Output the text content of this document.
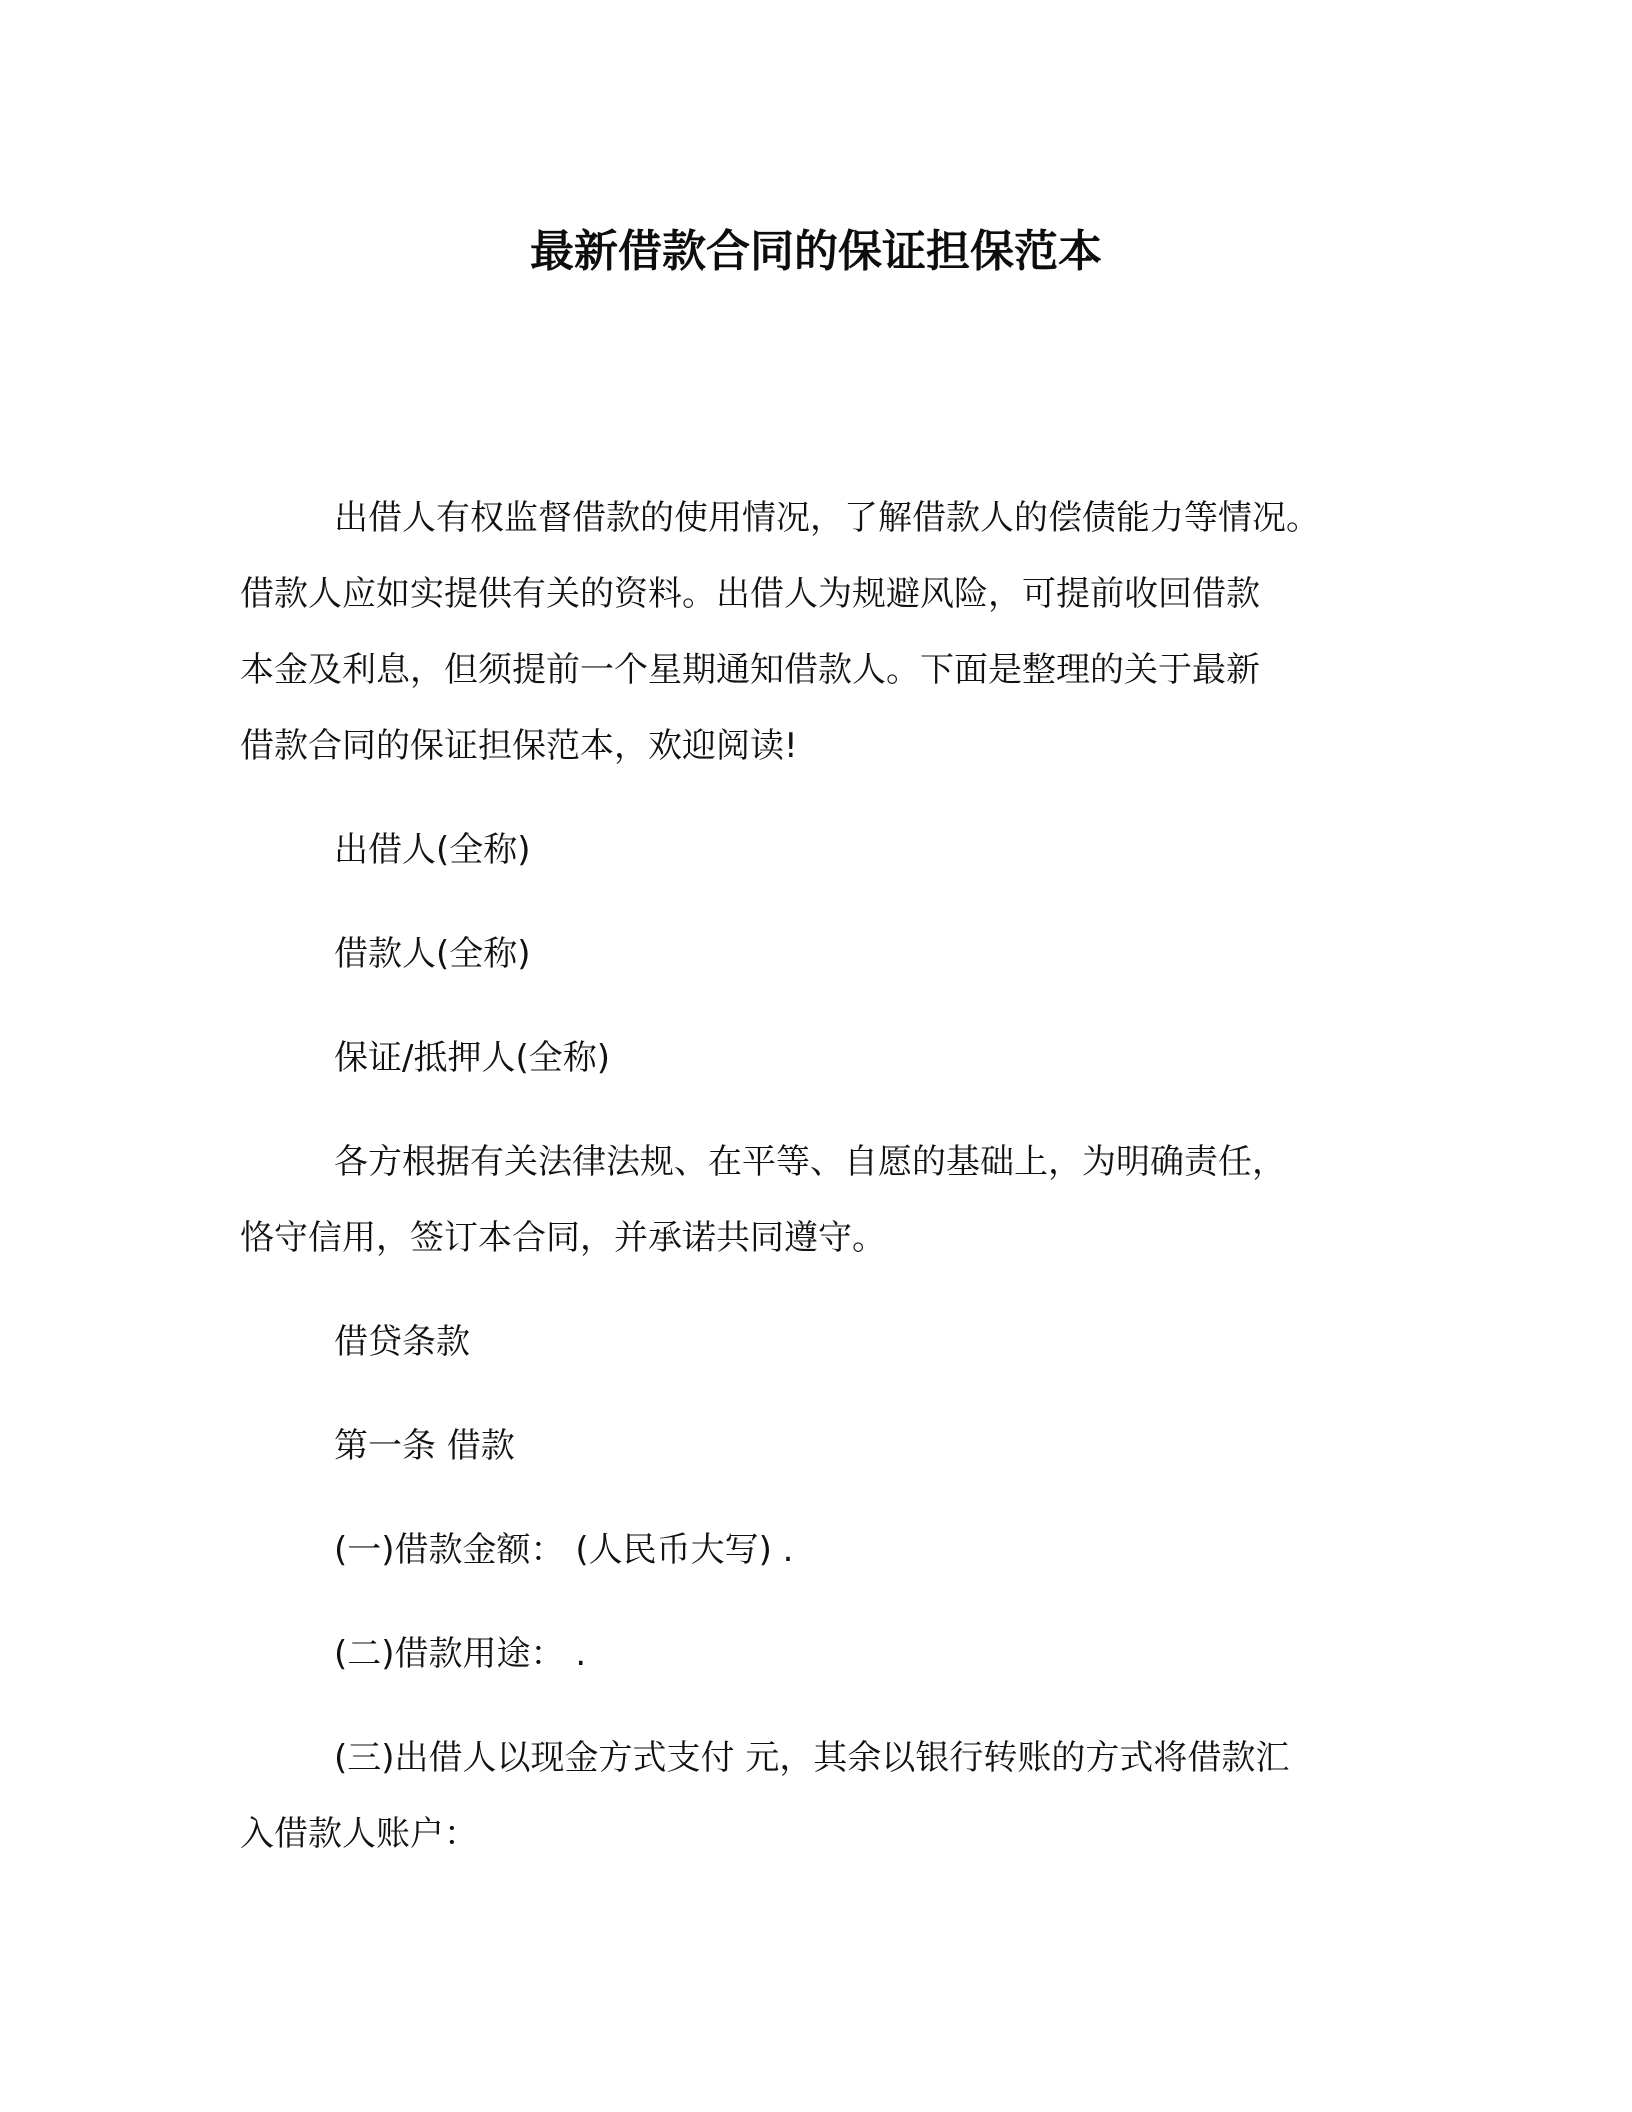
最新借款合同的保证担保范本
出借人有权监督借款的使用情况，了解借款人的偿债能力等情况。
借款人应如实提供有关的资料。出借人为规避风险，可提前收回借款
本金及利息，但须提前一个星期通知借款人。下面是整理的关于最新
借款合同的保证担保范本，欢迎阅读!
出借人(全称)
借款人(全称)
保证/抵押人(全称)
各方根据有关法律法规、在平等、自愿的基础上，为明确责任，
恪守信用，签订本合同，并承诺共同遵守。
借贷条款
第一条 借款
(一)借款金额： (人民币大写) .
(二)借款用途： .
(三)出借人以现金方式支付 元，其余以银行转账的方式将借款汇
入借款人账户：
